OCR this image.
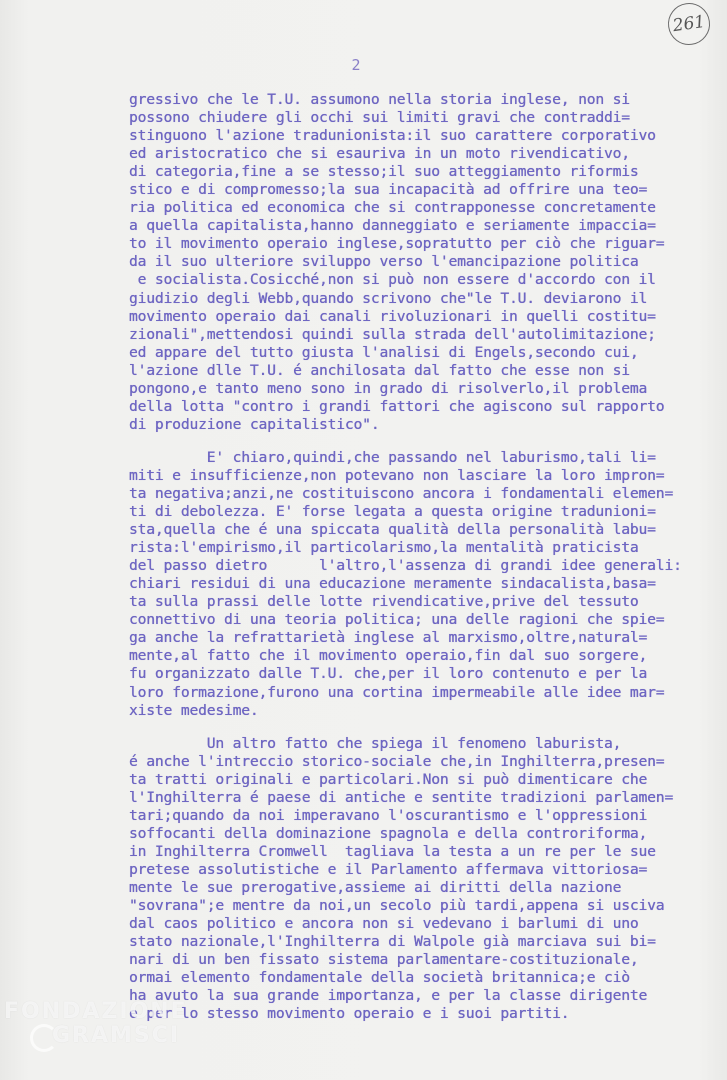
261
2
gressivo che le T.U. assumono nella storia inglese, non si
possono chiudere gli occhi sui limiti gravi che contraddi=
stinguono l'azione tradunionista:il suo carattere corporativo
ed aristocratico che si esauriva in un moto rivendicativo,
di categoria,fine a se stesso;il suo atteggiamento riformis
stico e di compromesso;la sua incapacità ad offrire una teo=
ria politica ed economica che si contrapponesse concretamente
a quella capitalista,hanno danneggiato e seriamente impaccia=
to il movimento operaio inglese,sopratutto per ciò che riguar=
da il suo ulteriore sviluppo verso l'emancipazione politica
e socialista.Cosicché,non si può non essere d'accordo con il
giudizio degli Webb,quando scrivono che"le T.U. deviarono il
movimento operaio dai canali rivoluzionari in quelli costitu=
zionali",mettendosi quindi sulla strada dell'autolimitazione;
ed appare del tutto giusta l'analisi di Engels,secondo cui,
l'azione dlle T.U. é anchilosata dal fatto che esse non si
pongono,e tanto meno sono in grado di risolverlo,il problema
della lotta "contro i grandi fattori che agiscono sul rapporto
di produzione capitalistico".
E' chiaro,quindi,che passando nel laburismo,tali li=
miti e insufficienze,non potevano non lasciare la loro impron=
ta negativa;anzi,ne costituiscono ancora i fondamentali elemen=
ti di debolezza. E' forse legata a questa origine tradunioni=
sta,quella che é una spiccata qualità della personalità labu=
rista:l'empirismo,il particolarismo,la mentalità praticista
del passo dietro      l'altro,l'assenza di grandi idee generali:
chiari residui di una educazione meramente sindacalista,basa=
ta sulla prassi delle lotte rivendicative,prive del tessuto
connettivo di una teoria politica; una delle ragioni che spie=
ga anche la refrattarietà inglese al marxismo,oltre,natural=
mente,al fatto che il movimento operaio,fin dal suo sorgere,
fu organizzato dalle T.U. che,per il loro contenuto e per la
loro formazione,furono una cortina impermeabile alle idee mar=
xiste medesime.
Un altro fatto che spiega il fenomeno laburista,
é anche l'intreccio storico-sociale che,in Inghilterra,presen=
ta tratti originali e particolari.Non si può dimenticare che
l'Inghilterra é paese di antiche e sentite tradizioni parlamen=
tari;quando da noi imperavano l'oscurantismo e l'oppressioni
soffocanti della dominazione spagnola e della controriforma,
in Inghilterra Cromwell  tagliava la testa a un re per le sue
pretese assolutistiche e il Parlamento affermava vittoriosa=
mente le sue prerogative,assieme ai diritti della nazione
"sovrana";e mentre da noi,un secolo più tardi,appena si usciva
dal caos politico e ancora non si vedevano i barlumi di uno
stato nazionale,l'Inghilterra di Walpole già marciava sui bi=
nari di un ben fissato sistema parlamentare-costituzionale,
ormai elemento fondamentale della società britannica;e ciò
ha avuto la sua grande importanza, e per la classe dirigente
e per lo stesso movimento operaio e i suoi partiti.
FONDAZIONE
GRAMSCI
